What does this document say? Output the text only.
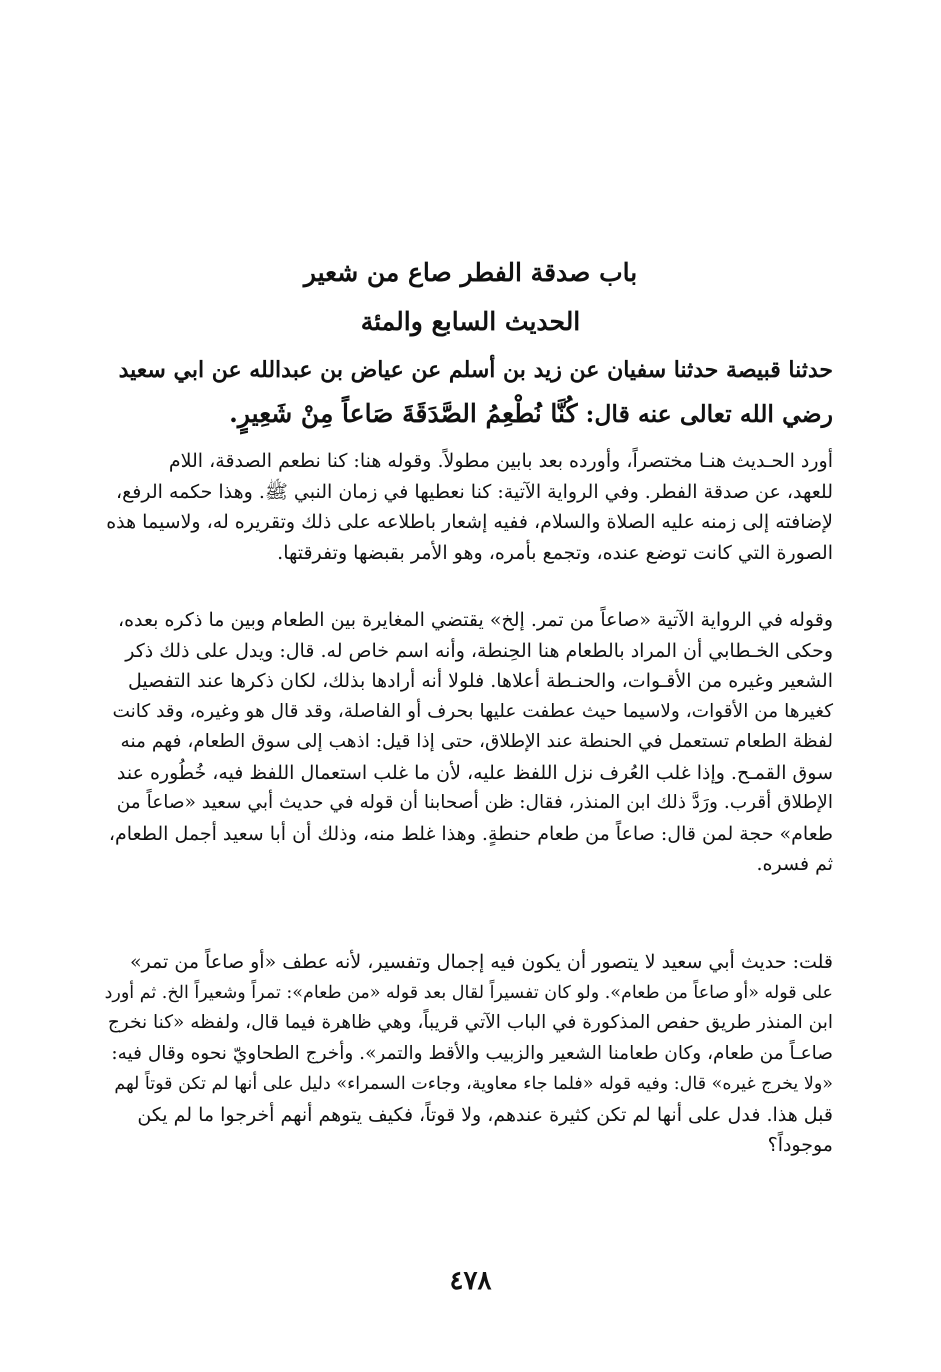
باب صدقة الفطر صاع من شعير
الحديث السابع والمئة

حدثنا قبيصة حدثنا سفيان عن زيد بن أسلم عن عياض بن عبدالله عن ابي سعيد

رضي الله تعالى عنه قال: كُنَّا نُطْعِمُ الصَّدَقَةَ صَاعاً مِنْ شَعِيرٍ.

أورد الحـديث هنـا مختصراً، وأورده بعد بابين مطولاً. وقوله هنا: كنا نطعم الصدقة، اللام

للعهد، عن صدقة الفطر. وفي الرواية الآتية: كنا نعطيها في زمان النبي ﷺ. وهذا حكمه الرفع،

لإضافته إلى زمنه عليه الصلاة والسلام، ففيه إشعار باطلاعه على ذلك وتقريره له، ولاسيما هذه

الصورة التي كانت توضع عنده، وتجمع بأمره، وهو الأمر بقبضها وتفرقتها.

وقوله في الرواية الآتية «صاعاً من تمر. إلخ» يقتضي المغايرة بين الطعام وبين ما ذكره بعده،

وحكى الخـطابي أن المراد بالطعام هنا الحِنطة، وأنه اسم خاص له. قال: ويدل على ذلك ذكر

الشعير وغيره من الأقـوات، والحنـطة أعلاها. فلولا أنه أرادها بذلك، لكان ذكرها عند التفصيل

كغيرها من الأقوات، ولاسيما حيث عطفت عليها بحرف أو الفاصلة، وقد قال هو وغيره، وقد كانت

لفظة الطعام تستعمل في الحنطة عند الإطلاق، حتى إذا قيل: اذهب إلى سوق الطعام، فهم منه

سوق القمـح. وإذا غلب العُرف نزل اللفظ عليه، لأن ما غلب استعمال اللفظ فيه، خُطُوره عند

الإطلاق أقرب. ورَدَّ ذلك ابن المنذر، فقال: ظن أصحابنا أن قوله في حديث أبي سعيد «صاعاً من

طعام» حجة لمن قال: صاعاً من طعام حنطةٍ. وهذا غلط منه، وذلك أن أبا سعيد أجمل الطعام،

ثم فسره.

قلت: حديث أبي سعيد لا يتصور أن يكون فيه إجمال وتفسير، لأنه عطف «أو صاعاً من تمر»

على قوله «أو صاعاً من طعام». ولو كان تفسيراً لقال بعد قوله «من طعام»: تمراً وشعيراً الخ. ثم أورد

ابن المنذر طريق حفص المذكورة في الباب الآتي قريباً، وهي ظاهرة فيما قال، ولفظه «كنا نخرج

صاعـاً من طعام، وكان طعامنا الشعير والزبيب والأقط والتمر». وأخرج الطحاويّ نحوه وقال فيه:

«ولا يخرج غيره» قال: وفيه قوله «فلما جاء معاوية، وجاءت السمراء» دليل على أنها لم تكن قوتاً لهم

قبل هذا. فدل على أنها لم تكن كثيرة عندهم، ولا قوتاً، فكيف يتوهم أنهم أخرجوا ما لم يكن

موجوداً؟

٤٧٨
